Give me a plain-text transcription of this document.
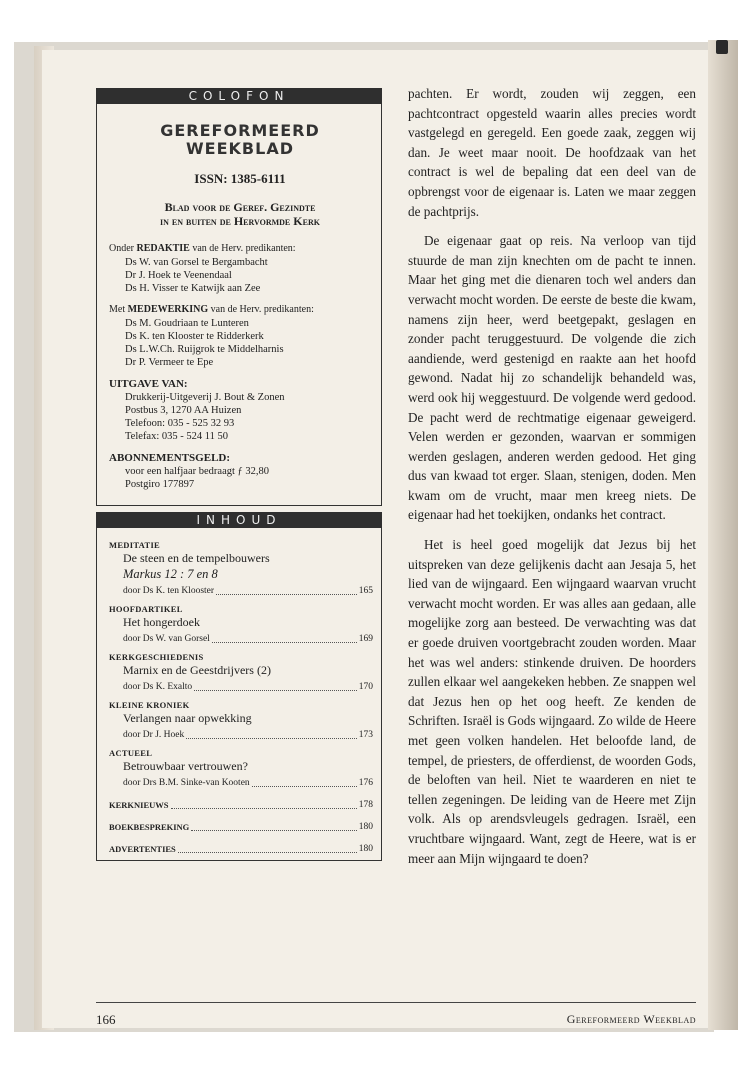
COLOFON
GEREFORMEERD
WEEKBLAD
ISSN: 1385-6111
Blad voor de Geref. Gezindte
in en buiten de Hervormde Kerk
Onder REDAKTIE van de Herv. predikanten:
Ds W. van Gorsel te Bergambacht
Dr J. Hoek te Veenendaal
Ds H. Visser te Katwijk aan Zee
Met MEDEWERKING van de Herv. predikanten:
Ds M. Goudriaan te Lunteren
Ds K. ten Klooster te Ridderkerk
Ds L.W.Ch. Ruijgrok te Middelharnis
Dr P. Vermeer te Epe
UITGAVE VAN:
Drukkerij-Uitgeverij J. Bout & Zonen
Postbus 3, 1270 AA Huizen
Telefoon: 035 - 525 32 93
Telefax: 035 - 524 11 50
ABONNEMENTSGELD:
voor een halfjaar bedraagt ƒ 32,80
Postgiro 177897
INHOUD
MEDITATIE
De steen en de tempelbouwers
Markus 12 : 7 en 8
door Ds K. ten Klooster	165
HOOFDARTIKEL
Het hongerdoek
door Ds W. van Gorsel	169
KERKGESCHIEDENIS
Marnix en de Geestdrijvers (2)
door Ds K. Exalto	170
KLEINE KRONIEK
Verlangen naar opwekking
door Dr J. Hoek	173
ACTUEEL
Betrouwbaar vertrouwen?
door Drs B.M. Sinke-van Kooten	176
KERKNIEUWS	178
BOEKBESPREKING	180
ADVERTENTIES	180

pachten. Er wordt, zouden wij zeggen, een pachtcontract opgesteld waarin alles precies wordt vastgelegd en geregeld. Een goede zaak, zeggen wij dan. Je weet maar nooit. De hoofdzaak van het contract is wel de bepaling dat een deel van de opbrengst voor de eigenaar is. Laten we maar zeggen de pachtprijs.

De eigenaar gaat op reis. Na verloop van tijd stuurde de man zijn knechten om de pacht te innen. Maar het ging met die dienaren toch wel anders dan verwacht mocht worden. De eerste de beste die kwam, namens zijn heer, werd beetgepakt, geslagen en zonder pacht teruggestuurd. De volgende die zich aandiende, werd gestenigd en raakte aan het hoofd gewond. Nadat hij zo schandelijk behandeld was, werd ook hij weggestuurd. De volgende werd gedood. De pacht werd de rechtmatige eigenaar geweigerd. Velen werden er gezonden, waarvan er sommigen werden geslagen, anderen werden gedood. Het ging dus van kwaad tot erger. Slaan, stenigen, doden. Men kwam om de vrucht, maar men kreeg niets. De eigenaar had het toekijken, ondanks het contract.

Het is heel goed mogelijk dat Jezus bij het uitspreken van deze gelijkenis dacht aan Jesaja 5, het lied van de wijngaard. Een wijngaard waarvan vrucht verwacht mocht worden. Er was alles aan gedaan, alle mogelijke zorg aan besteed. De verwachting was dat er goede druiven voortgebracht zouden worden. Maar het was wel anders: stinkende druiven. De hoorders zullen elkaar wel aangekeken hebben. Ze snappen wel dat Jezus hen op het oog heeft. Ze kenden de Schriften. Israël is Gods wijngaard. Zo wilde de Heere met geen volken handelen. Het beloofde land, de tempel, de priesters, de offerdienst, de woorden Gods, de beloften van heil. Niet te waarderen en niet te tellen zegeningen. De leiding van de Heere met Zijn volk. Als op arendsvleugels gedragen. Israël, een vruchtbare wijngaard. Want, zegt de Heere, wat is er meer aan Mijn wijngaard te doen?

166	Gereformeerd Weekblad
